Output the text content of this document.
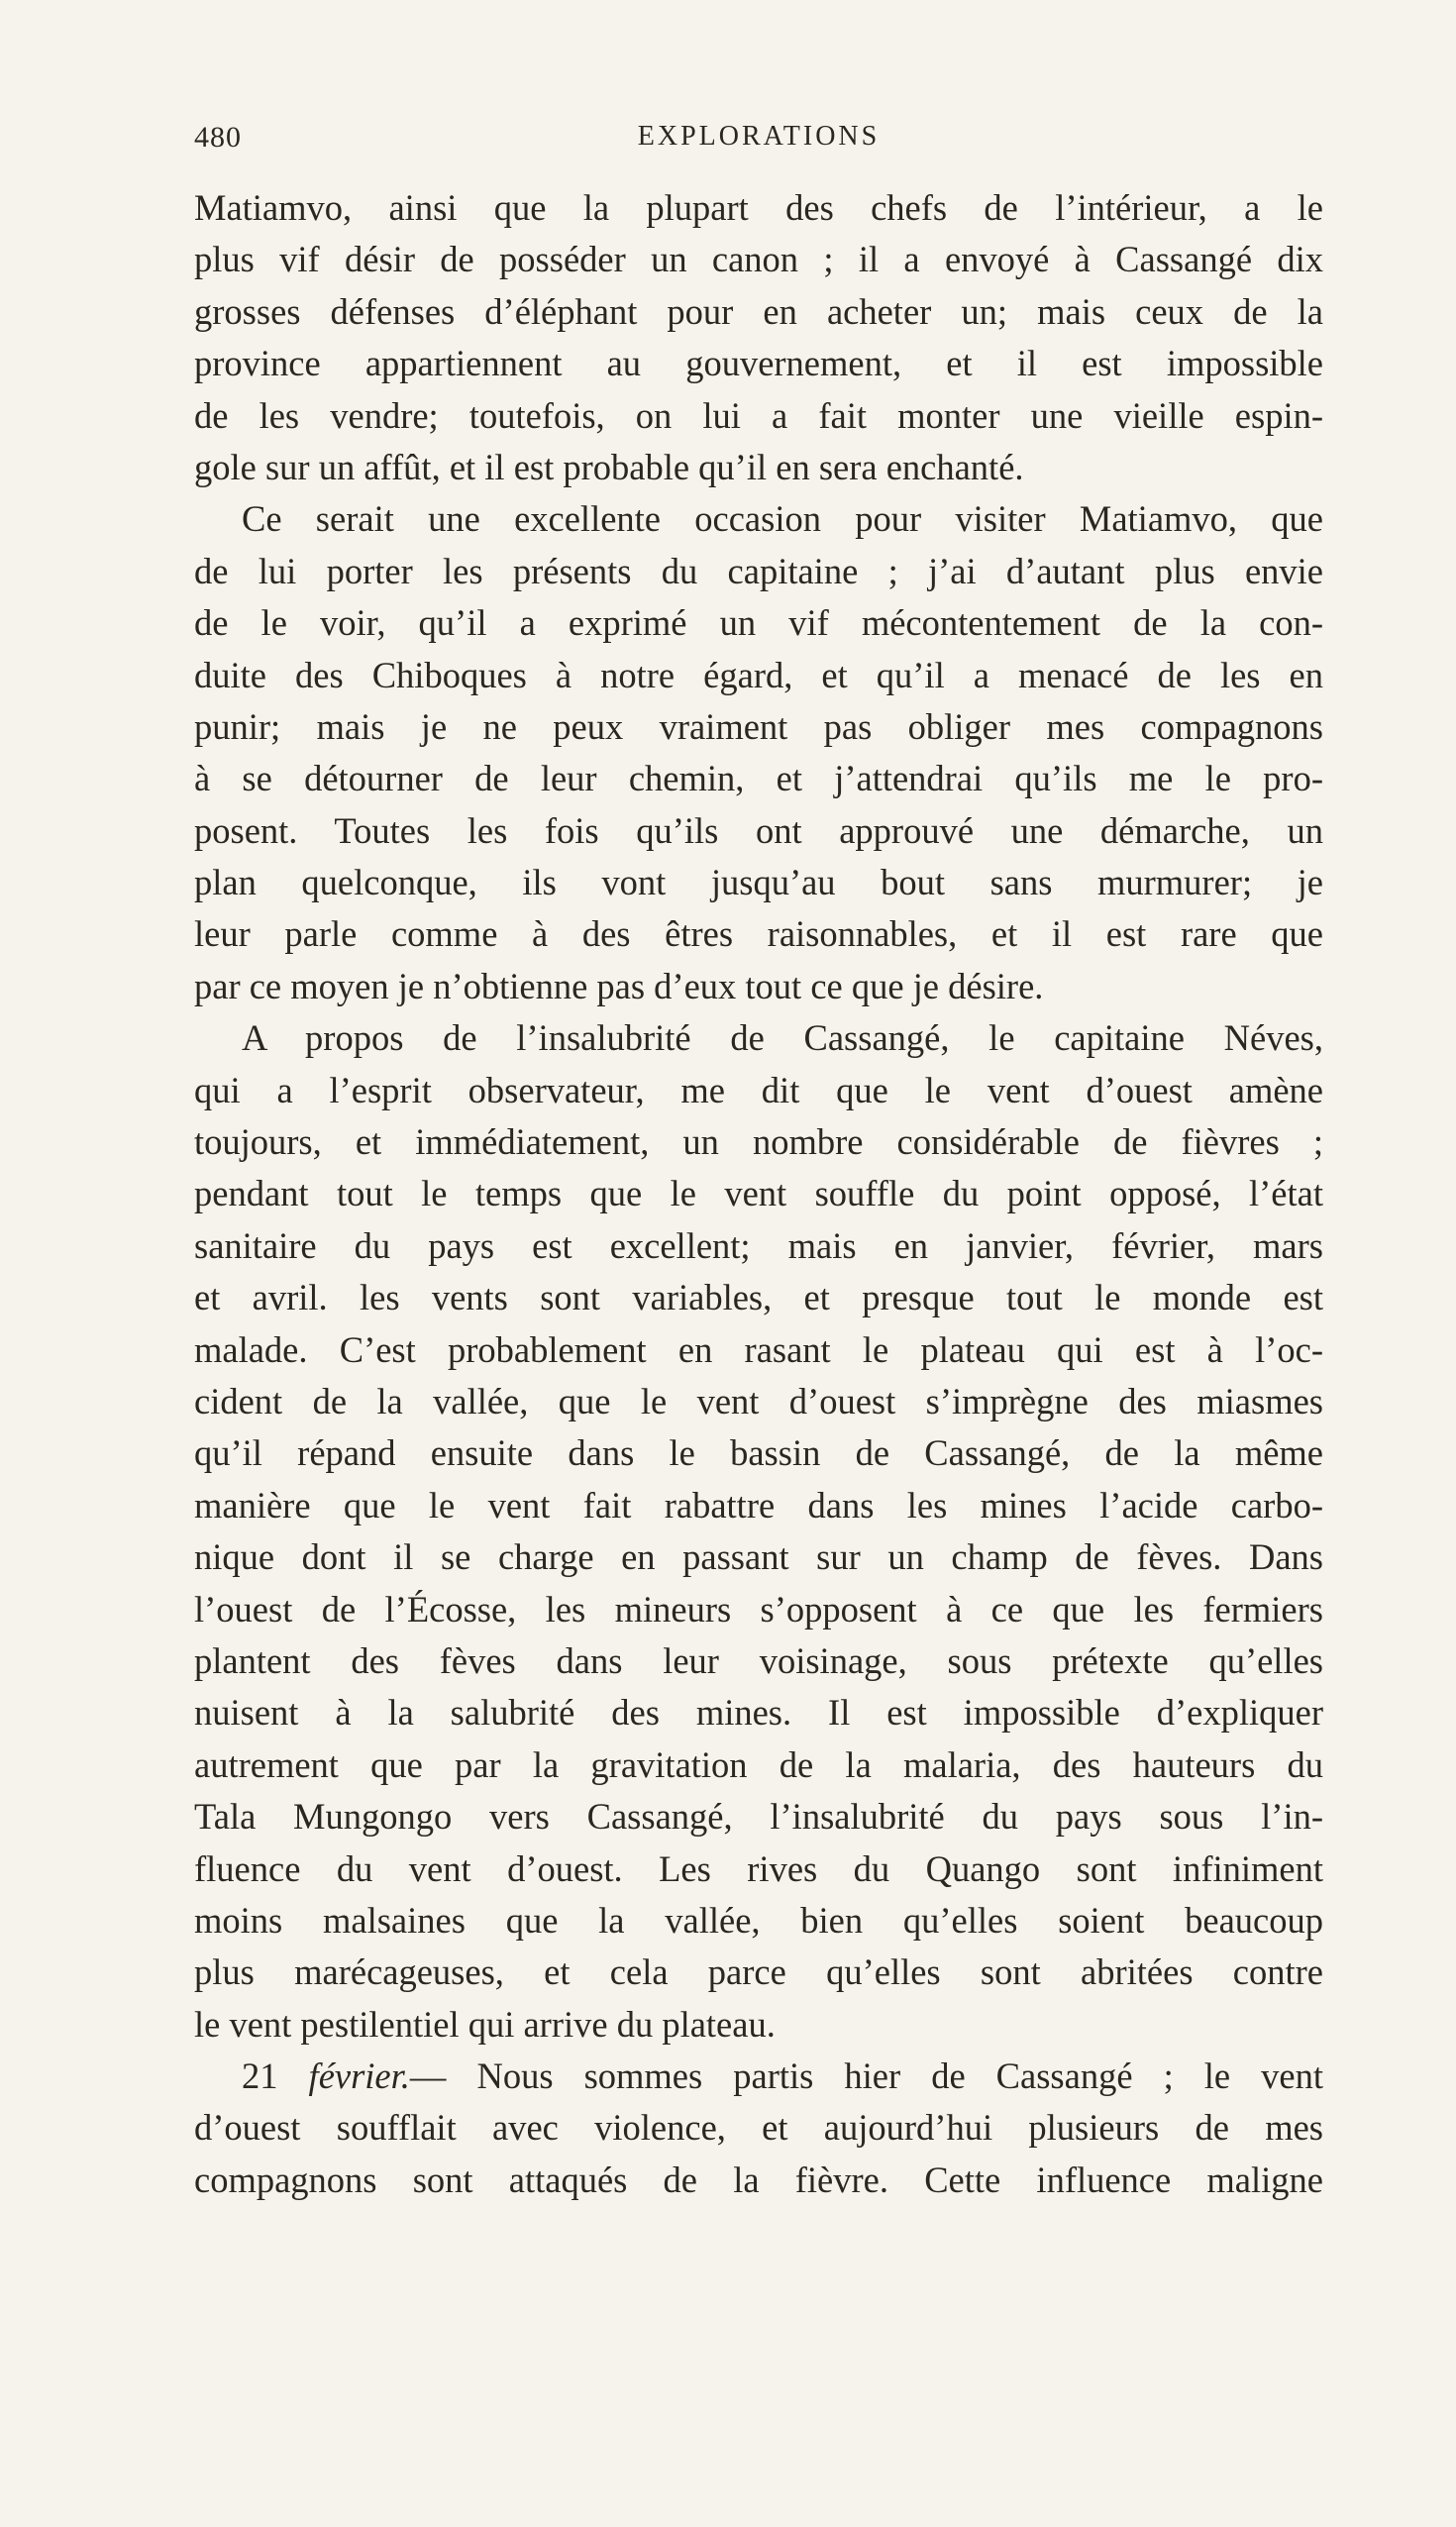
480	EXPLORATIONS
Matiamvo, ainsi que la plupart des chefs de l’intérieur, a le
plus vif désir de posséder un canon ; il a envoyé à Cassangé dix
grosses défenses d’éléphant pour en acheter un; mais ceux de la
province appartiennent au gouvernement, et il est impossible
de les vendre; toutefois, on lui a fait monter une vieille espin-
gole sur un affût, et il est probable qu’il en sera enchanté.
Ce serait une excellente occasion pour visiter Matiamvo, que
de lui porter les présents du capitaine ; j’ai d’autant plus envie
de le voir, qu’il a exprimé un vif mécontentement de la con-
duite des Chiboques à notre égard, et qu’il a menacé de les en
punir; mais je ne peux vraiment pas obliger mes compagnons
à se détourner de leur chemin, et j’attendrai qu’ils me le pro-
posent. Toutes les fois qu’ils ont approuvé une démarche, un
plan quelconque, ils vont jusqu’au bout sans murmurer; je
leur parle comme à des êtres raisonnables, et il est rare que
par ce moyen je n’obtienne pas d’eux tout ce que je désire.
A propos de l’insalubrité de Cassangé, le capitaine Néves,
qui a l’esprit observateur, me dit que le vent d’ouest amène
toujours, et immédiatement, un nombre considérable de fièvres ;
pendant tout le temps que le vent souffle du point opposé, l’état
sanitaire du pays est excellent; mais en janvier, février, mars
et avril. les vents sont variables, et presque tout le monde est
malade. C’est probablement en rasant le plateau qui est à l’oc-
cident de la vallée, que le vent d’ouest s’imprègne des miasmes
qu’il répand ensuite dans le bassin de Cassangé, de la même
manière que le vent fait rabattre dans les mines l’acide carbo-
nique dont il se charge en passant sur un champ de fèves. Dans
l’ouest de l’Écosse, les mineurs s’opposent à ce que les fermiers
plantent des fèves dans leur voisinage, sous prétexte qu’elles
nuisent à la salubrité des mines. Il est impossible d’expliquer
autrement que par la gravitation de la malaria, des hauteurs du
Tala Mungongo vers Cassangé, l’insalubrité du pays sous l’in-
fluence du vent d’ouest. Les rives du Quango sont infiniment
moins malsaines que la vallée, bien qu’elles soient beaucoup
plus marécageuses, et cela parce qu’elles sont abritées contre
le vent pestilentiel qui arrive du plateau.
21 février.— Nous sommes partis hier de Cassangé ; le vent
d’ouest soufflait avec violence, et aujourd’hui plusieurs de mes
compagnons sont attaqués de la fièvre. Cette influence maligne
